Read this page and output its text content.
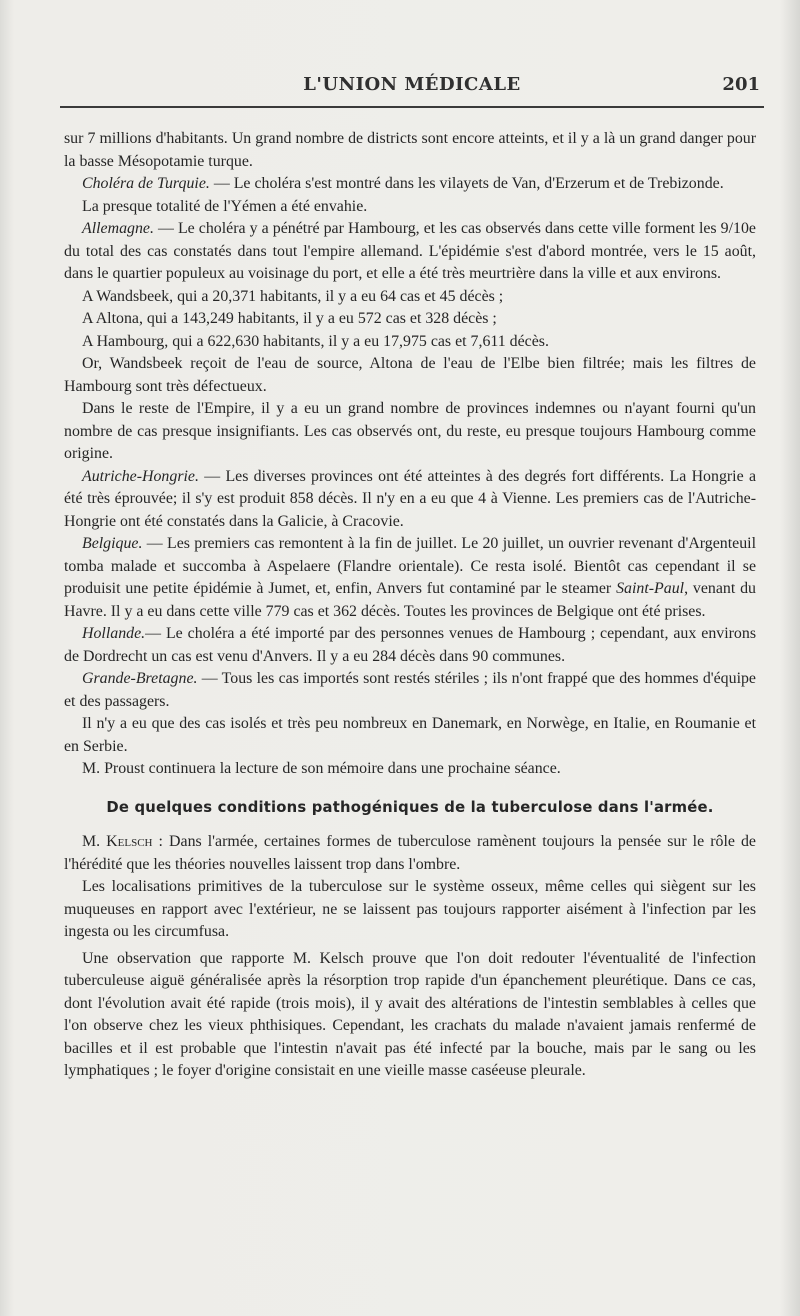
L'UNION MÉDICALE	201

sur 7 millions d'habitants. Un grand nombre de districts sont encore atteints, et il y a là un grand danger pour la basse Mésopotamie turque.

Choléra de Turquie. — Le choléra s'est montré dans les vilayets de Van, d'Erzerum et de Trebizonde.

La presque totalité de l'Yémen a été envahie.

Allemagne. — Le choléra y a pénétré par Hambourg, et les cas observés dans cette ville forment les 9/10e du total des cas constatés dans tout l'empire allemand. L'épidémie s'est d'abord montrée, vers le 15 août, dans le quartier populeux au voisinage du port, et elle a été très meurtrière dans la ville et aux environs.

A Wandsbeek, qui a 20,371 habitants, il y a eu 64 cas et 45 décès ;

A Altona, qui a 143,249 habitants, il y a eu 572 cas et 328 décès ;

A Hambourg, qui a 622,630 habitants, il y a eu 17,975 cas et 7,611 décès.

Or, Wandsbeek reçoit de l'eau de source, Altona de l'eau de l'Elbe bien filtrée; mais les filtres de Hambourg sont très défectueux.

Dans le reste de l'Empire, il y a eu un grand nombre de provinces indemnes ou n'ayant fourni qu'un nombre de cas presque insignifiants. Les cas observés ont, du reste, eu presque toujours Hambourg comme origine.

Autriche-Hongrie. — Les diverses provinces ont été atteintes à des degrés fort différents. La Hongrie a été très éprouvée; il s'y est produit 858 décès. Il n'y en a eu que 4 à Vienne. Les premiers cas de l'Autriche-Hongrie ont été constatés dans la Galicie, à Cracovie.

Belgique. — Les premiers cas remontent à la fin de juillet. Le 20 juillet, un ouvrier revenant d'Argenteuil tomba malade et succomba à Aspelaere (Flandre orientale). Ce resta isolé. Bientôt cas cependant il se produisit une petite épidémie à Jumet, et, enfin, Anvers fut contaminé par le steamer Saint-Paul, venant du Havre. Il y a eu dans cette ville 779 cas et 362 décès. Toutes les provinces de Belgique ont été prises.

Hollande.— Le choléra a été importé par des personnes venues de Hambourg ; cependant, aux environs de Dordrecht un cas est venu d'Anvers. Il y a eu 284 décès dans 90 communes.

Grande-Bretagne. — Tous les cas importés sont restés stériles ; ils n'ont frappé que des hommes d'équipe et des passagers.

Il n'y a eu que des cas isolés et très peu nombreux en Danemark, en Norwège, en Italie, en Roumanie et en Serbie.

M. Proust continuera la lecture de son mémoire dans une prochaine séance.

De quelques conditions pathogéniques de la tuberculose dans l'armée.

M. Kelsch : Dans l'armée, certaines formes de tuberculose ramènent toujours la pensée sur le rôle de l'hérédité que les théories nouvelles laissent trop dans l'ombre.

Les localisations primitives de la tuberculose sur le système osseux, même celles qui siègent sur les muqueuses en rapport avec l'extérieur, ne se laissent pas toujours rapporter aisément à l'infection par les ingesta ou les circumfusa.

Une observation que rapporte M. Kelsch prouve que l'on doit redouter l'éventualité de l'infection tuberculeuse aiguë généralisée après la résorption trop rapide d'un épanchement pleurétique. Dans ce cas, dont l'évolution avait été rapide (trois mois), il y avait des altérations de l'intestin semblables à celles que l'on observe chez les vieux phthisiques. Cependant, les crachats du malade n'avaient jamais renfermé de bacilles et il est probable que l'intestin n'avait pas été infecté par la bouche, mais par le sang ou les lymphatiques ; le foyer d'origine consistait en une vieille masse caséeuse pleurale.
